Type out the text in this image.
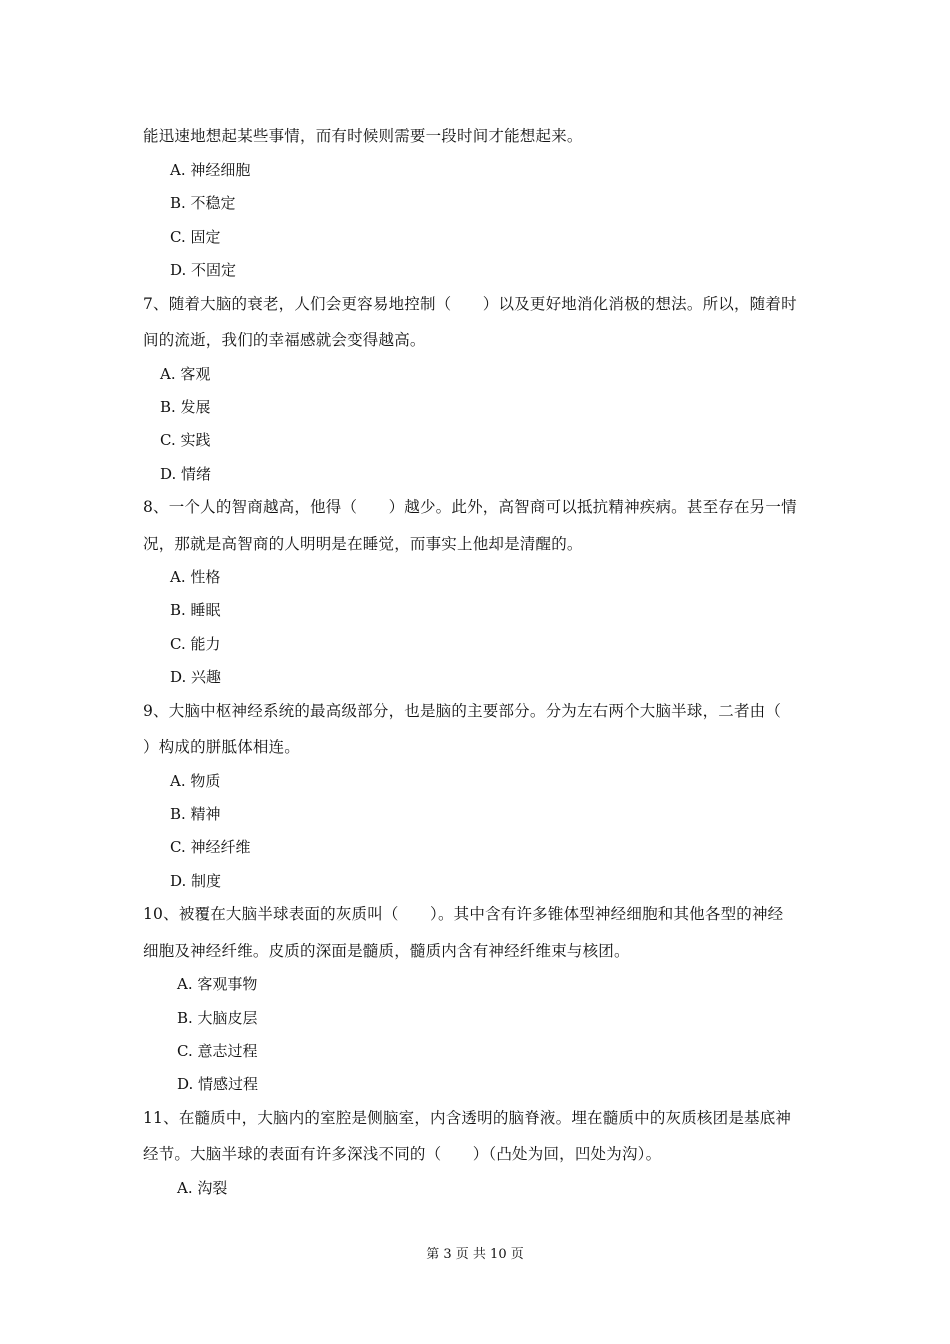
能迅速地想起某些事情，而有时候则需要一段时间才能想起来。
A. 神经细胞
B. 不稳定
C. 固定
D. 不固定
7、随着大脑的衰老，人们会更容易地控制（　　）以及更好地消化消极的想法。所以，随着时
间的流逝，我们的幸福感就会变得越高。
A. 客观
B. 发展
C. 实践
D. 情绪
8、一个人的智商越高，他得（　　）越少。此外，高智商可以抵抗精神疾病。甚至存在另一情
况，那就是高智商的人明明是在睡觉，而事实上他却是清醒的。
A. 性格
B. 睡眠
C. 能力
D. 兴趣
9、大脑中枢神经系统的最高级部分，也是脑的主要部分。分为左右两个大脑半球，二者由（
）构成的胼胝体相连。
A. 物质
B. 精神
C. 神经纤维
D. 制度
10、被覆在大脑半球表面的灰质叫（　　）。其中含有许多锥体型神经细胞和其他各型的神经
细胞及神经纤维。皮质的深面是髓质，髓质内含有神经纤维束与核团。
A. 客观事物
B. 大脑皮层
C. 意志过程
D. 情感过程
11、在髓质中，大脑内的室腔是侧脑室，内含透明的脑脊液。埋在髓质中的灰质核团是基底神
经节。大脑半球的表面有许多深浅不同的（　　）（凸处为回，凹处为沟）。
A. 沟裂
第 3 页 共 10 页
